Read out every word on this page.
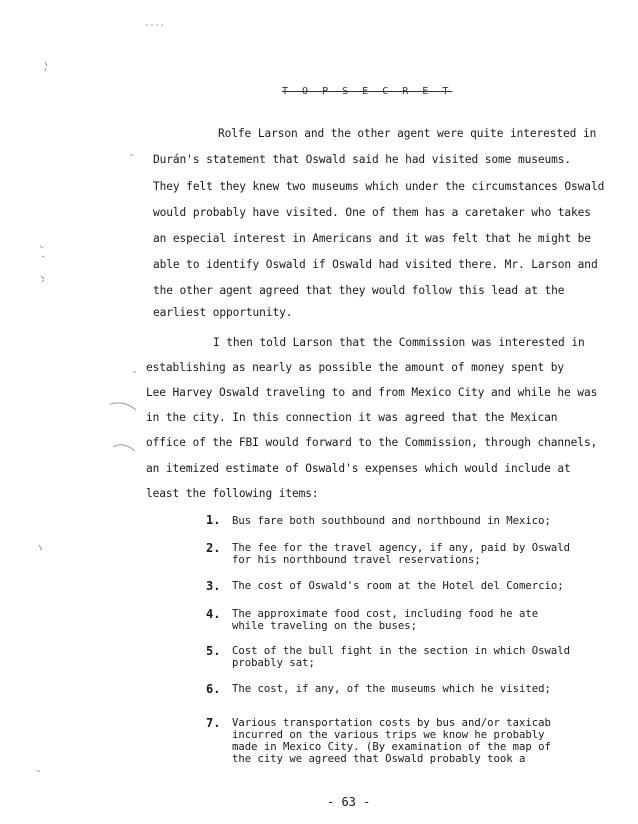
T O P S E C R E T
Rolfe Larson and the other agent were quite interested in
Durán's statement that Oswald said he had visited some museums.
They felt they knew two museums which under the circumstances Oswald
would probably have visited. One of them has a caretaker who takes
an especial interest in Americans and it was felt that he might be
able to identify Oswald if Oswald had visited there. Mr. Larson and
the other agent agreed that they would follow this lead at the
earliest opportunity.
I then told Larson that the Commission was interested in
establishing as nearly as possible the amount of money spent by
Lee Harvey Oswald traveling to and from Mexico City and while he was
in the city. In this connection it was agreed that the Mexican
office of the FBI would forward to the Commission, through channels,
an itemized estimate of Oswald's expenses which would include at
least the following items:
1. Bus fare both southbound and northbound in Mexico;
2. The fee for the travel agency, if any, paid by Oswald
for his northbound travel reservations;
3. The cost of Oswald's room at the Hotel del Comercio;
4. The approximate food cost, including food he ate
while traveling on the buses;
5. Cost of the bull fight in the section in which Oswald
probably sat;
6. The cost, if any, of the museums which he visited;
7. Various transportation costs by bus and/or taxicab
incurred on the various trips we know he probably
made in Mexico City. (By examination of the map of
the city we agreed that Oswald probably took a
- 63 -
